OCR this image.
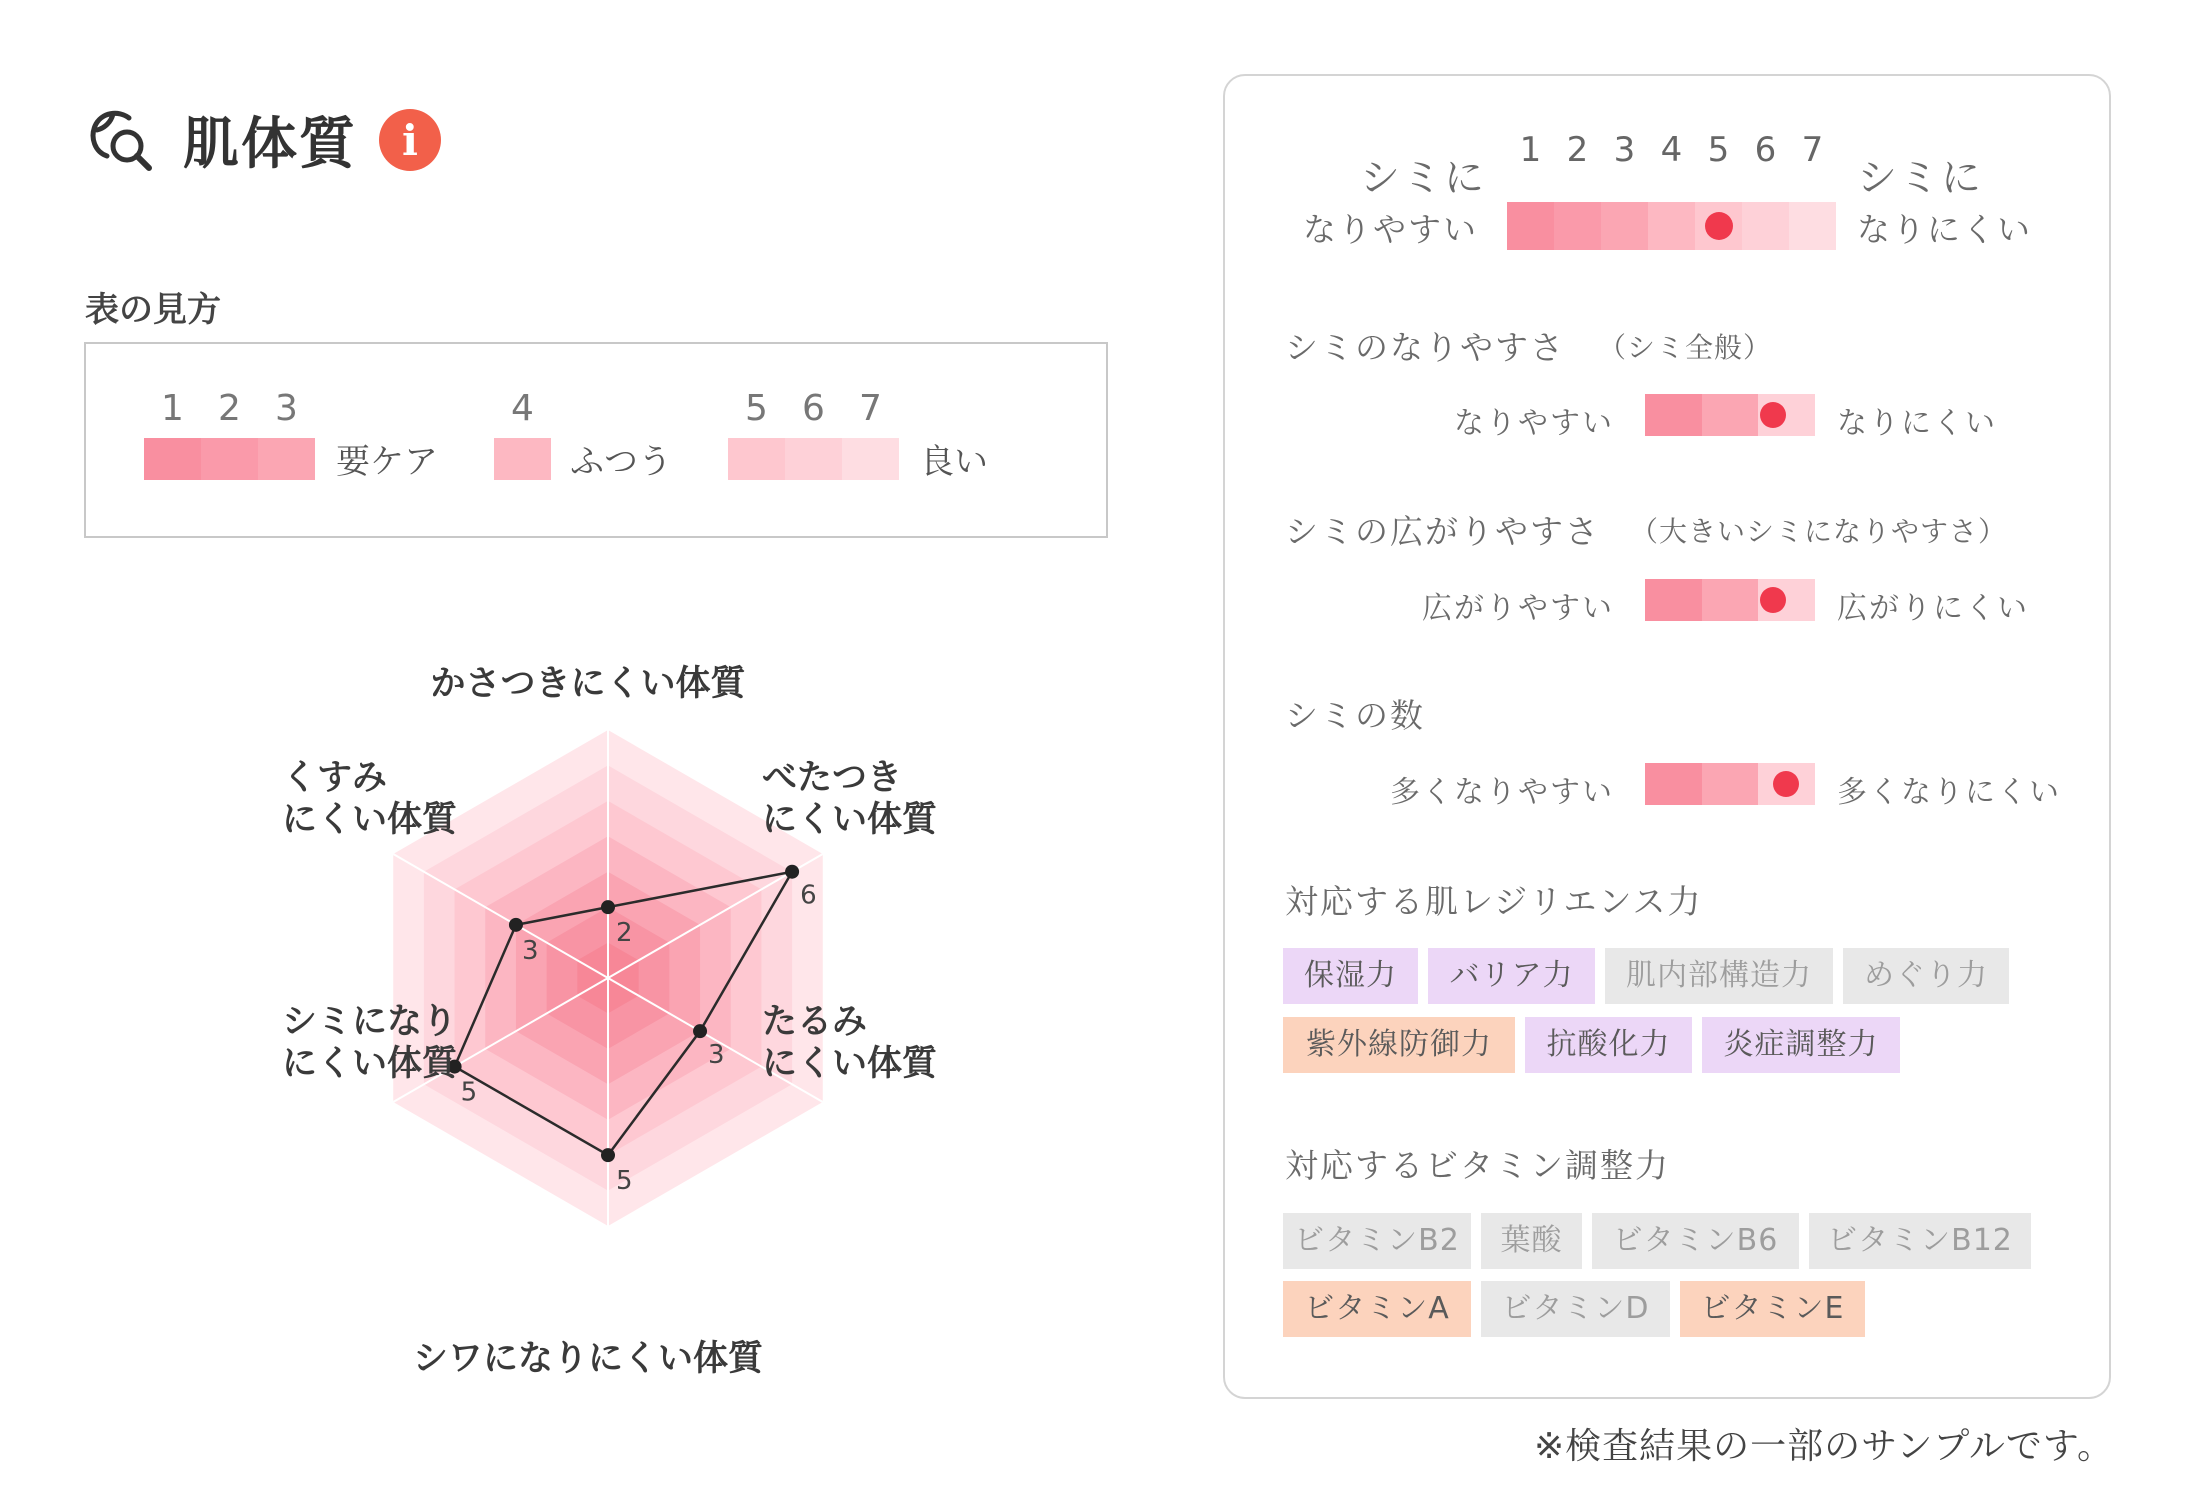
肌体質	i
表の見方
1 2 3
要ケア
4
ふつう
5 6 7
良い
2
6
3
5
5
3
かさつきにくい体質
べたつき
にくい体質
たるみ
にくい体質
シワになりにくい体質
シミになり
にくい体質
くすみ
にくい体質
シミに
なりやすい
シミに
なりにくい
シミのなりやすさ （シミ全般）
なりやすい	なりにくい
シミの広がりやすさ （大きいシミになりやすさ）
広がりやすい	広がりにくい
シミの数
多くなりやすい	多くなりにくい
対応する肌レジリエンス力
保湿力	バリア力	肌内部構造力	めぐり力
紫外線防御力	抗酸化力	炎症調整力
対応するビタミン調整力
ビタミンB2	葉酸	ビタミンB6	ビタミンB12
ビタミンA	ビタミンD	ビタミンE
1 2 3 4 5 6 7
※検査結果の一部のサンプルです。
